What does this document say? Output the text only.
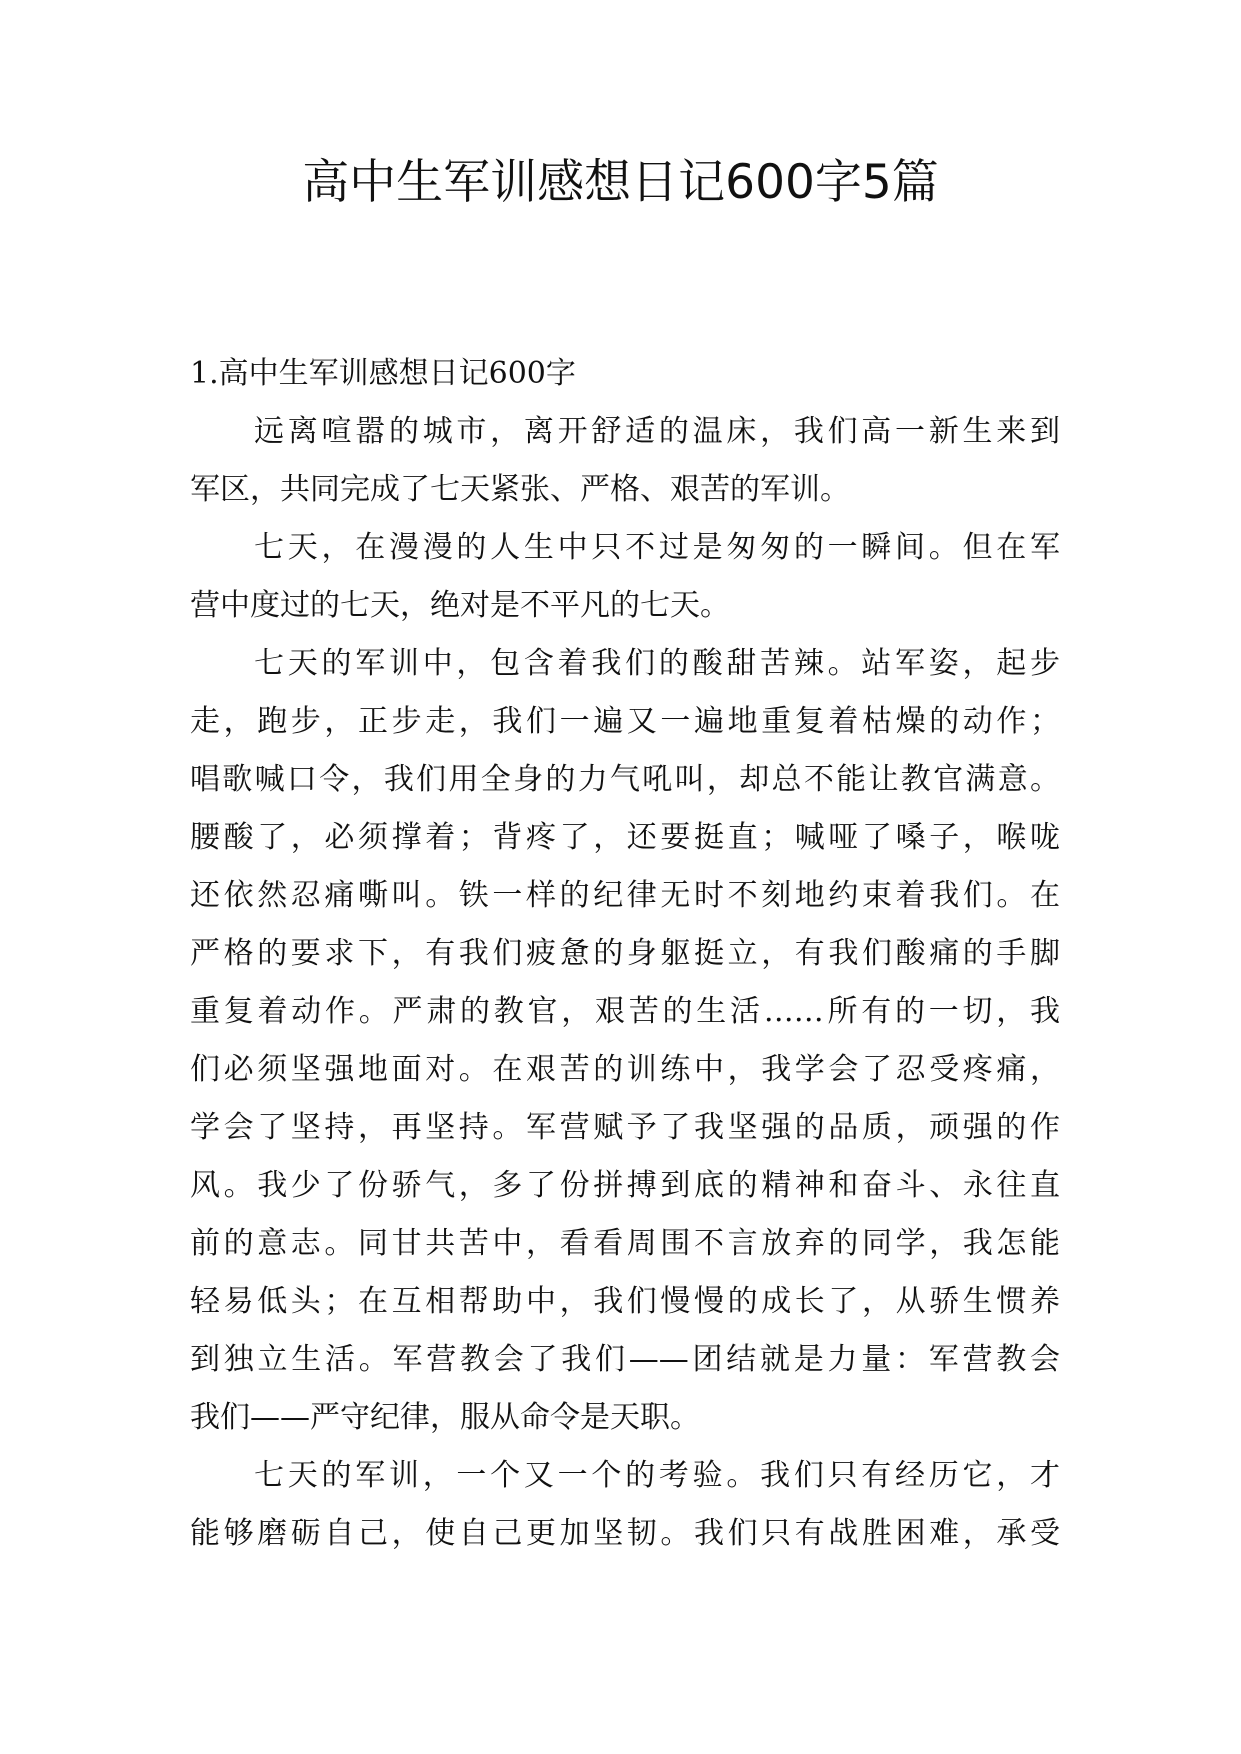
高中生军训感想日记600字5篇
1.高中生军训感想日记600字
远离喧嚣的城市，离开舒适的温床，我们高一新生来到
军区，共同完成了七天紧张、严格、艰苦的军训。
七天，在漫漫的人生中只不过是匆匆的一瞬间。但在军
营中度过的七天，绝对是不平凡的七天。
七天的军训中，包含着我们的酸甜苦辣。站军姿，起步
走，跑步，正步走，我们一遍又一遍地重复着枯燥的动作；
唱歌喊口令，我们用全身的力气吼叫，却总不能让教官满意。
腰酸了，必须撑着；背疼了，还要挺直；喊哑了嗓子，喉咙
还依然忍痛嘶叫。铁一样的纪律无时不刻地约束着我们。在
严格的要求下，有我们疲惫的身躯挺立，有我们酸痛的手脚
重复着动作。严肃的教官，艰苦的生活……所有的一切，我
们必须坚强地面对。在艰苦的训练中，我学会了忍受疼痛，
学会了坚持，再坚持。军营赋予了我坚强的品质，顽强的作
风。我少了份骄气，多了份拼搏到底的精神和奋斗、永往直
前的意志。同甘共苦中，看看周围不言放弃的同学，我怎能
轻易低头；在互相帮助中，我们慢慢的成长了，从骄生惯养
到独立生活。军营教会了我们——团结就是力量：军营教会
我们——严守纪律，服从命令是天职。
七天的军训，一个又一个的考验。我们只有经历它，才
能够磨砺自己，使自己更加坚韧。我们只有战胜困难，承受
